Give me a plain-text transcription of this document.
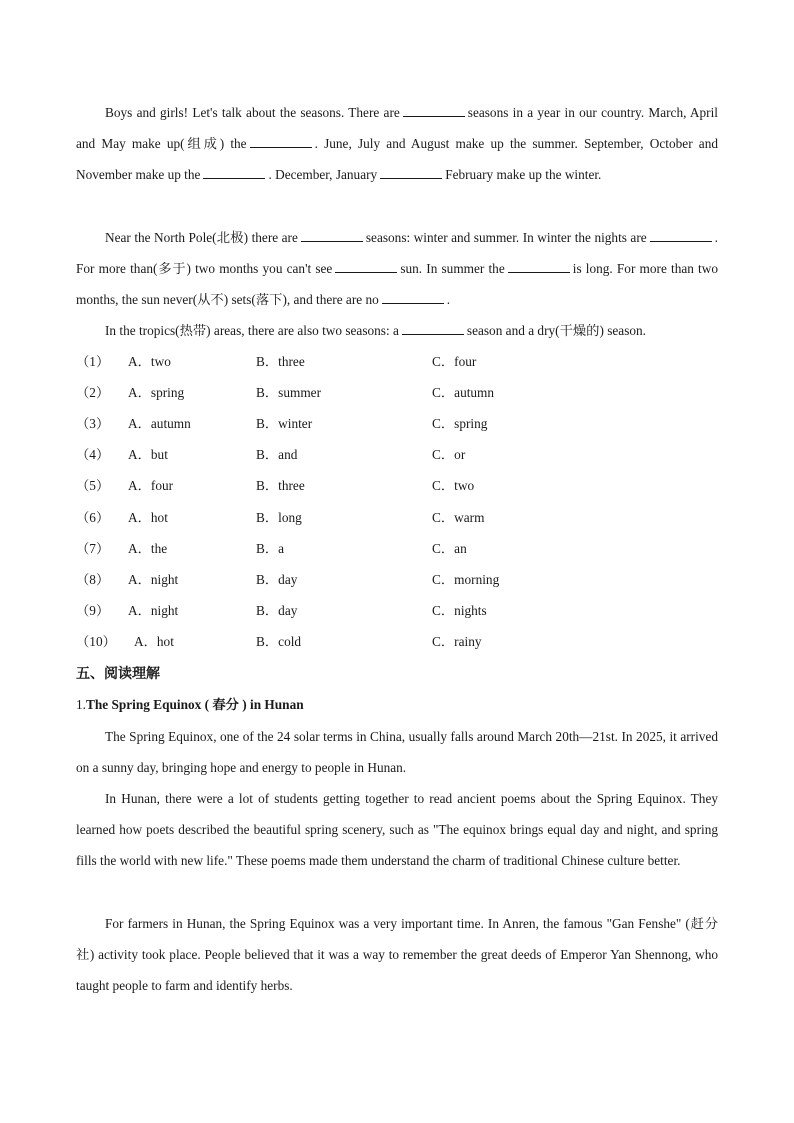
Boys and girls! Let's talk about the seasons. There are	seasons in a year in our country. March, April and May make up(组成) the	. June, July and August make up the summer. September, October and November make up the	. December, January	February make up the winter.

Near the North Pole(北极) there are	seasons: winter and summer. In winter the nights are	. For more than(多于) two months you can't see	sun. In summer the	is long. For more than two months, the sun never(从不) sets(落下), and there are no	.

In the tropics(热带) areas, there are also two seasons: a	season and a dry(干燥的) season.

（1） A．two	B．three	C．four
（2） A．spring	B．summer	C．autumn
（3） A．autumn	B．winter	C．spring
（4） A．but	B．and	C．or
（5） A．four	B．three	C．two
（6） A．hot	B．long	C．warm
（7） A．the	B．a	C．an
（8） A．night	B．day	C．morning
（9） A．night	B．day	C．nights
（10） A．hot	B．cold	C．rainy
五、阅读理解
1.The Spring Equinox ( 春分 ) in Hunan

The Spring Equinox, one of the 24 solar terms in China, usually falls around March 20th—21st. In 2025, it arrived on a sunny day, bringing hope and energy to people in Hunan.

In Hunan, there were a lot of students getting together to read ancient poems about the Spring Equinox. They learned how poets described the beautiful spring scenery, such as "The equinox brings equal day and night, and spring fills the world with new life." These poems made them understand the charm of traditional Chinese culture better.

For farmers in Hunan, the Spring Equinox was a very important time. In Anren, the famous "Gan Fenshe" (赶分社) activity took place. People believed that it was a way to remember the great deeds of Emperor Yan Shennong, who taught people to farm and identify herbs.
